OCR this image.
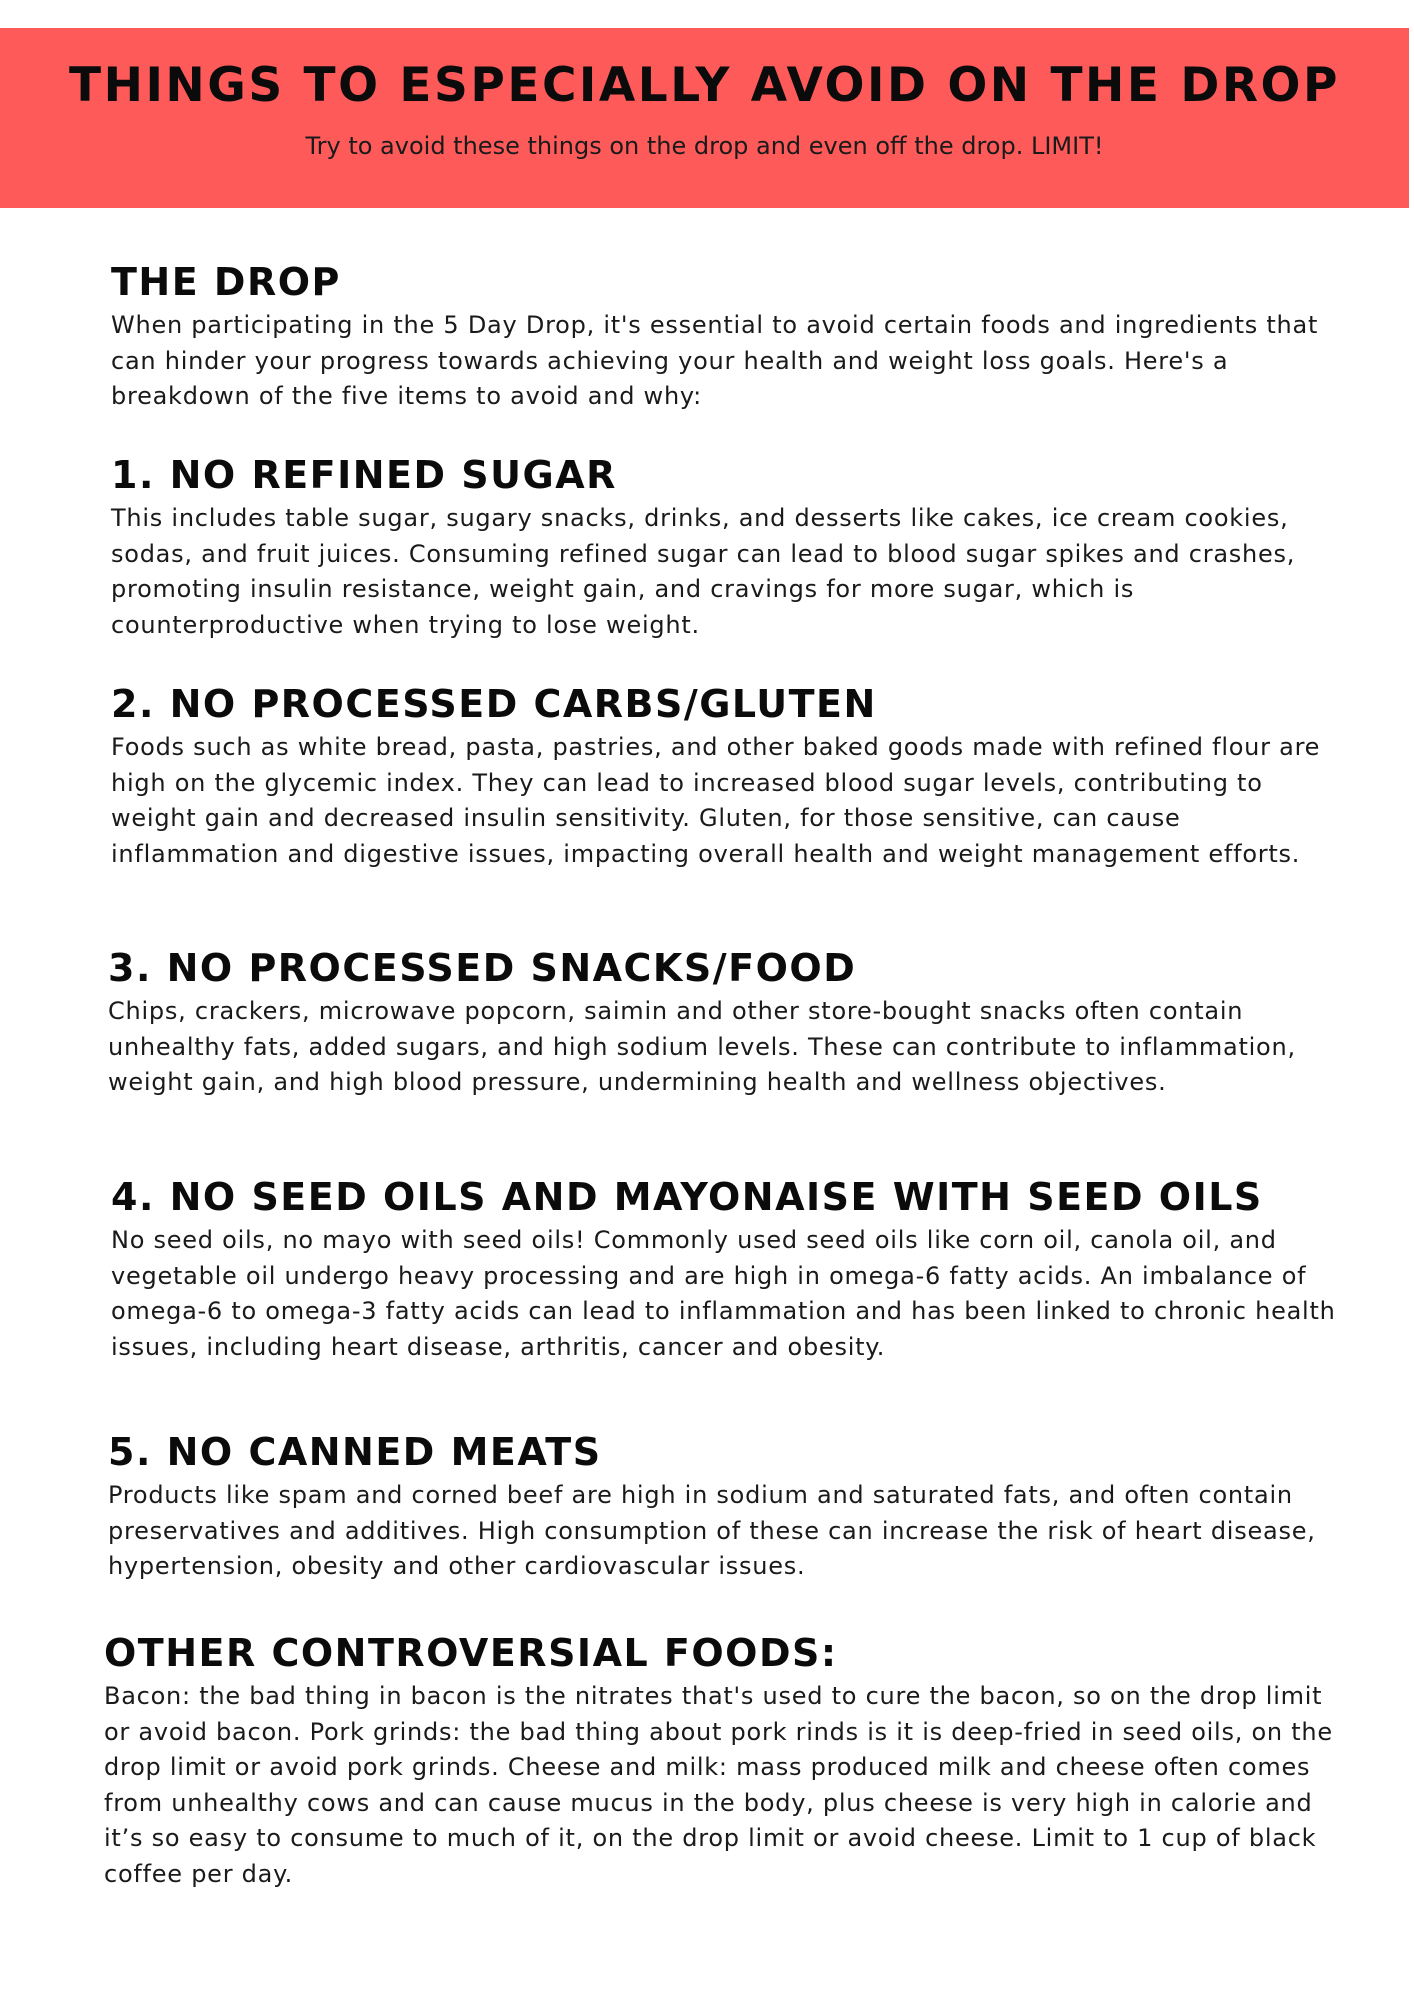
THINGS TO ESPECIALLY AVOID ON THE DROP
Try to avoid these things on the drop and even off the drop. LIMIT!
THE DROP

When participating in the 5 Day Drop, it's essential to avoid certain foods and ingredients that can hinder your progress towards achieving your health and weight loss goals. Here's a breakdown of the five items to avoid and why:

1. NO REFINED SUGAR

This includes table sugar, sugary snacks, drinks, and desserts like cakes, ice cream cookies, sodas, and fruit juices. Consuming refined sugar can lead to blood sugar spikes and crashes, promoting insulin resistance, weight gain, and cravings for more sugar, which is counterproductive when trying to lose weight.

2. NO PROCESSED CARBS/GLUTEN

Foods such as white bread, pasta, pastries, and other baked goods made with refined flour are high on the glycemic index. They can lead to increased blood sugar levels, contributing to weight gain and decreased insulin sensitivity. Gluten, for those sensitive, can cause inflammation and digestive issues, impacting overall health and weight management efforts.

3. NO PROCESSED SNACKS/FOOD

Chips, crackers, microwave popcorn, saimin and other store-bought snacks often contain unhealthy fats, added sugars, and high sodium levels. These can contribute to inflammation, weight gain, and high blood pressure, undermining health and wellness objectives.

4. NO SEED OILS AND MAYONAISE WITH SEED OILS

No seed oils, no mayo with seed oils! Commonly used seed oils like corn oil, canola oil, and vegetable oil undergo heavy processing and are high in omega-6 fatty acids. An imbalance of omega-6 to omega-3 fatty acids can lead to inflammation and has been linked to chronic health issues, including heart disease, arthritis, cancer and obesity.

5. NO CANNED MEATS

Products like spam and corned beef are high in sodium and saturated fats, and often contain preservatives and additives. High consumption of these can increase the risk of heart disease, hypertension, obesity and other cardiovascular issues.

OTHER CONTROVERSIAL FOODS:

Bacon: the bad thing in bacon is the nitrates that's used to cure the bacon, so on the drop limit or avoid bacon. Pork grinds: the bad thing about pork rinds is it is deep-fried in seed oils, on the drop limit or avoid pork grinds. Cheese and milk: mass produced milk and cheese often comes from unhealthy cows and can cause mucus in the body, plus cheese is very high in calorie and it’s so easy to consume to much of it, on the drop limit or avoid cheese. Limit to 1 cup of black coffee per day.
